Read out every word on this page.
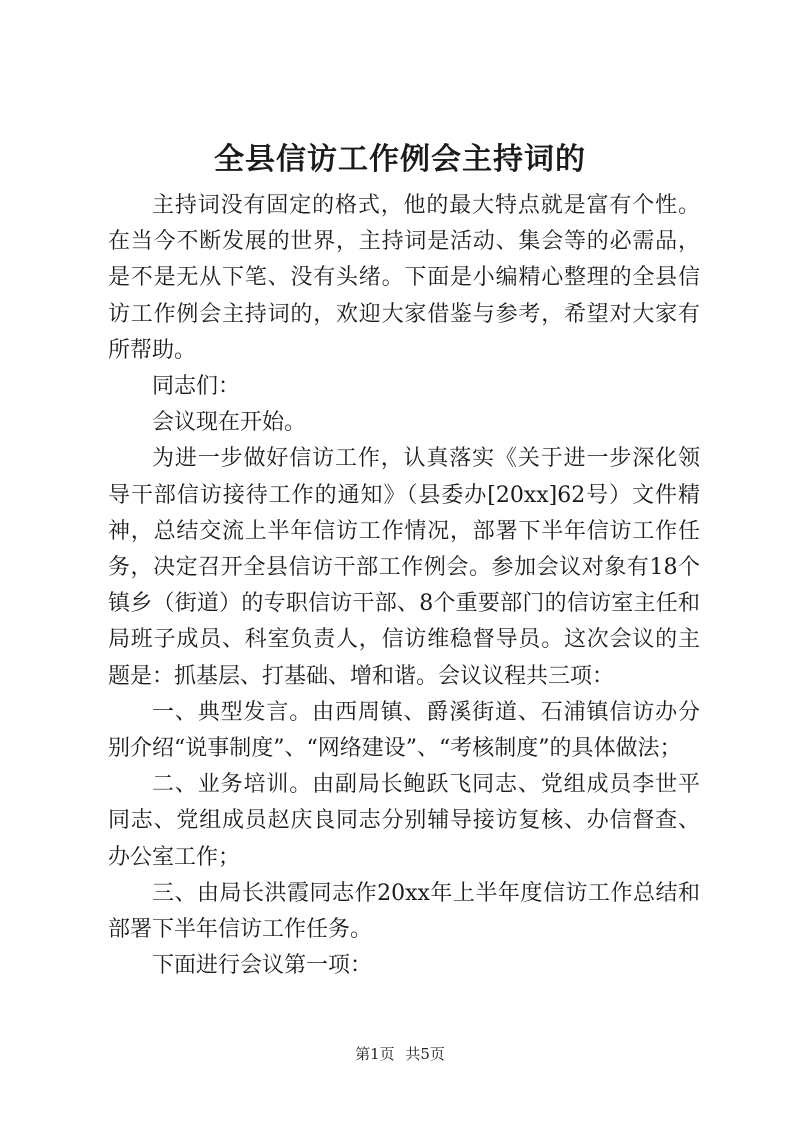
全县信访工作例会主持词的

主持词没有固定的格式，他的最大特点就是富有个性。在当今不断发展的世界，主持词是活动、集会等的必需品，是不是无从下笔、没有头绪。下面是小编精心整理的全县信访工作例会主持词的，欢迎大家借鉴与参考，希望对大家有所帮助。

同志们：

会议现在开始。

为进一步做好信访工作，认真落实《关于进一步深化领导干部信访接待工作的通知》（县委办[20xx]62号）文件精神，总结交流上半年信访工作情况，部署下半年信访工作任务，决定召开全县信访干部工作例会。参加会议对象有18个镇乡（街道）的专职信访干部、8个重要部门的信访室主任和局班子成员、科室负责人，信访维稳督导员。这次会议的主题是：抓基层、打基础、增和谐。会议议程共三项：

一、典型发言。由西周镇、爵溪街道、石浦镇信访办分别介绍“说事制度”、“网络建设”、“考核制度”的具体做法；

二、业务培训。由副局长鲍跃飞同志、党组成员李世平同志、党组成员赵庆良同志分别辅导接访复核、办信督查、办公室工作；

三、由局长洪霞同志作20xx年上半年度信访工作总结和部署下半年信访工作任务。

下面进行会议第一项：

第1页 共5页
